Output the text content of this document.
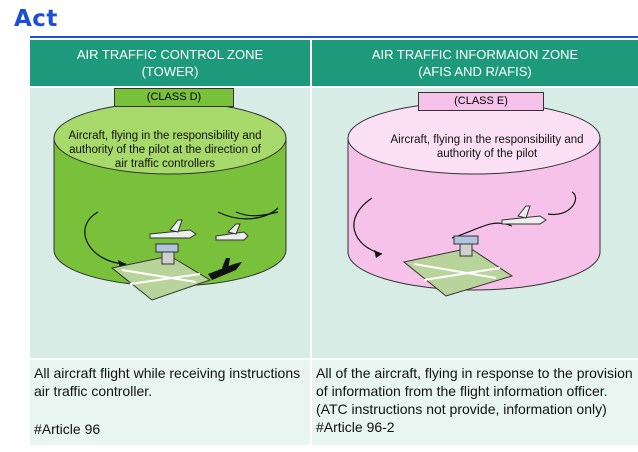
Act
AIR TRAFFIC CONTROL ZONE
(TOWER)
AIR TRAFFIC INFORMAION ZONE
(AFIS AND R/AFIS)
(CLASS D)
Aircraft, flying in the responsibility and authority of the pilot at the direction of air traffic controllers
(CLASS E)
Aircraft, flying in the responsibility and authority of the pilot

All aircraft flight while receiving instructions air traffic controller.

#Article 96

All of the aircraft, flying in response to the provision of information from the flight information officer.(ATC instructions not provide, information only)

#Article 96-2
